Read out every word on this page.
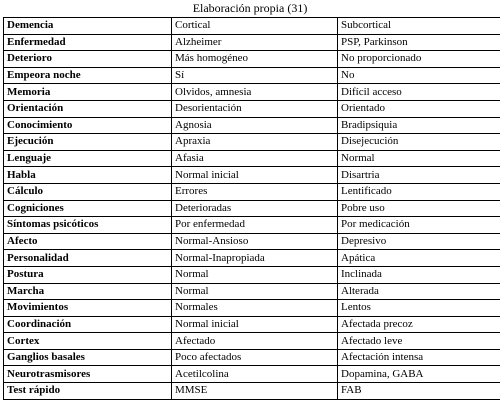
Elaboración propia (31)
Demencia	Cortical	Subcortical
Enfermedad	Alzheimer	PSP, Parkinson
Deterioro	Más homogéneo	No proporcionado
Empeora noche	Sí	No
Memoria	Olvidos, amnesia	Difícil acceso
Orientación	Desorientación	Orientado
Conocimiento	Agnosia	Bradipsiquia
Ejecución	Apraxia	Disejecución
Lenguaje	Afasia	Normal
Habla	Normal inicial	Disartria
Cálculo	Errores	Lentificado
Cogniciones	Deterioradas	Pobre uso
Síntomas psicóticos	Por enfermedad	Por medicación
Afecto	Normal-Ansioso	Depresivo
Personalidad	Normal-Inapropiada	Apática
Postura	Normal	Inclinada
Marcha	Normal	Alterada
Movimientos	Normales	Lentos
Coordinación	Normal inicial	Afectada precoz
Cortex	Afectado	Afectado leve
Ganglios basales	Poco afectados	Afectación intensa
Neurotrasmisores	Acetilcolina	Dopamina, GABA
Test rápido	MMSE	FAB
